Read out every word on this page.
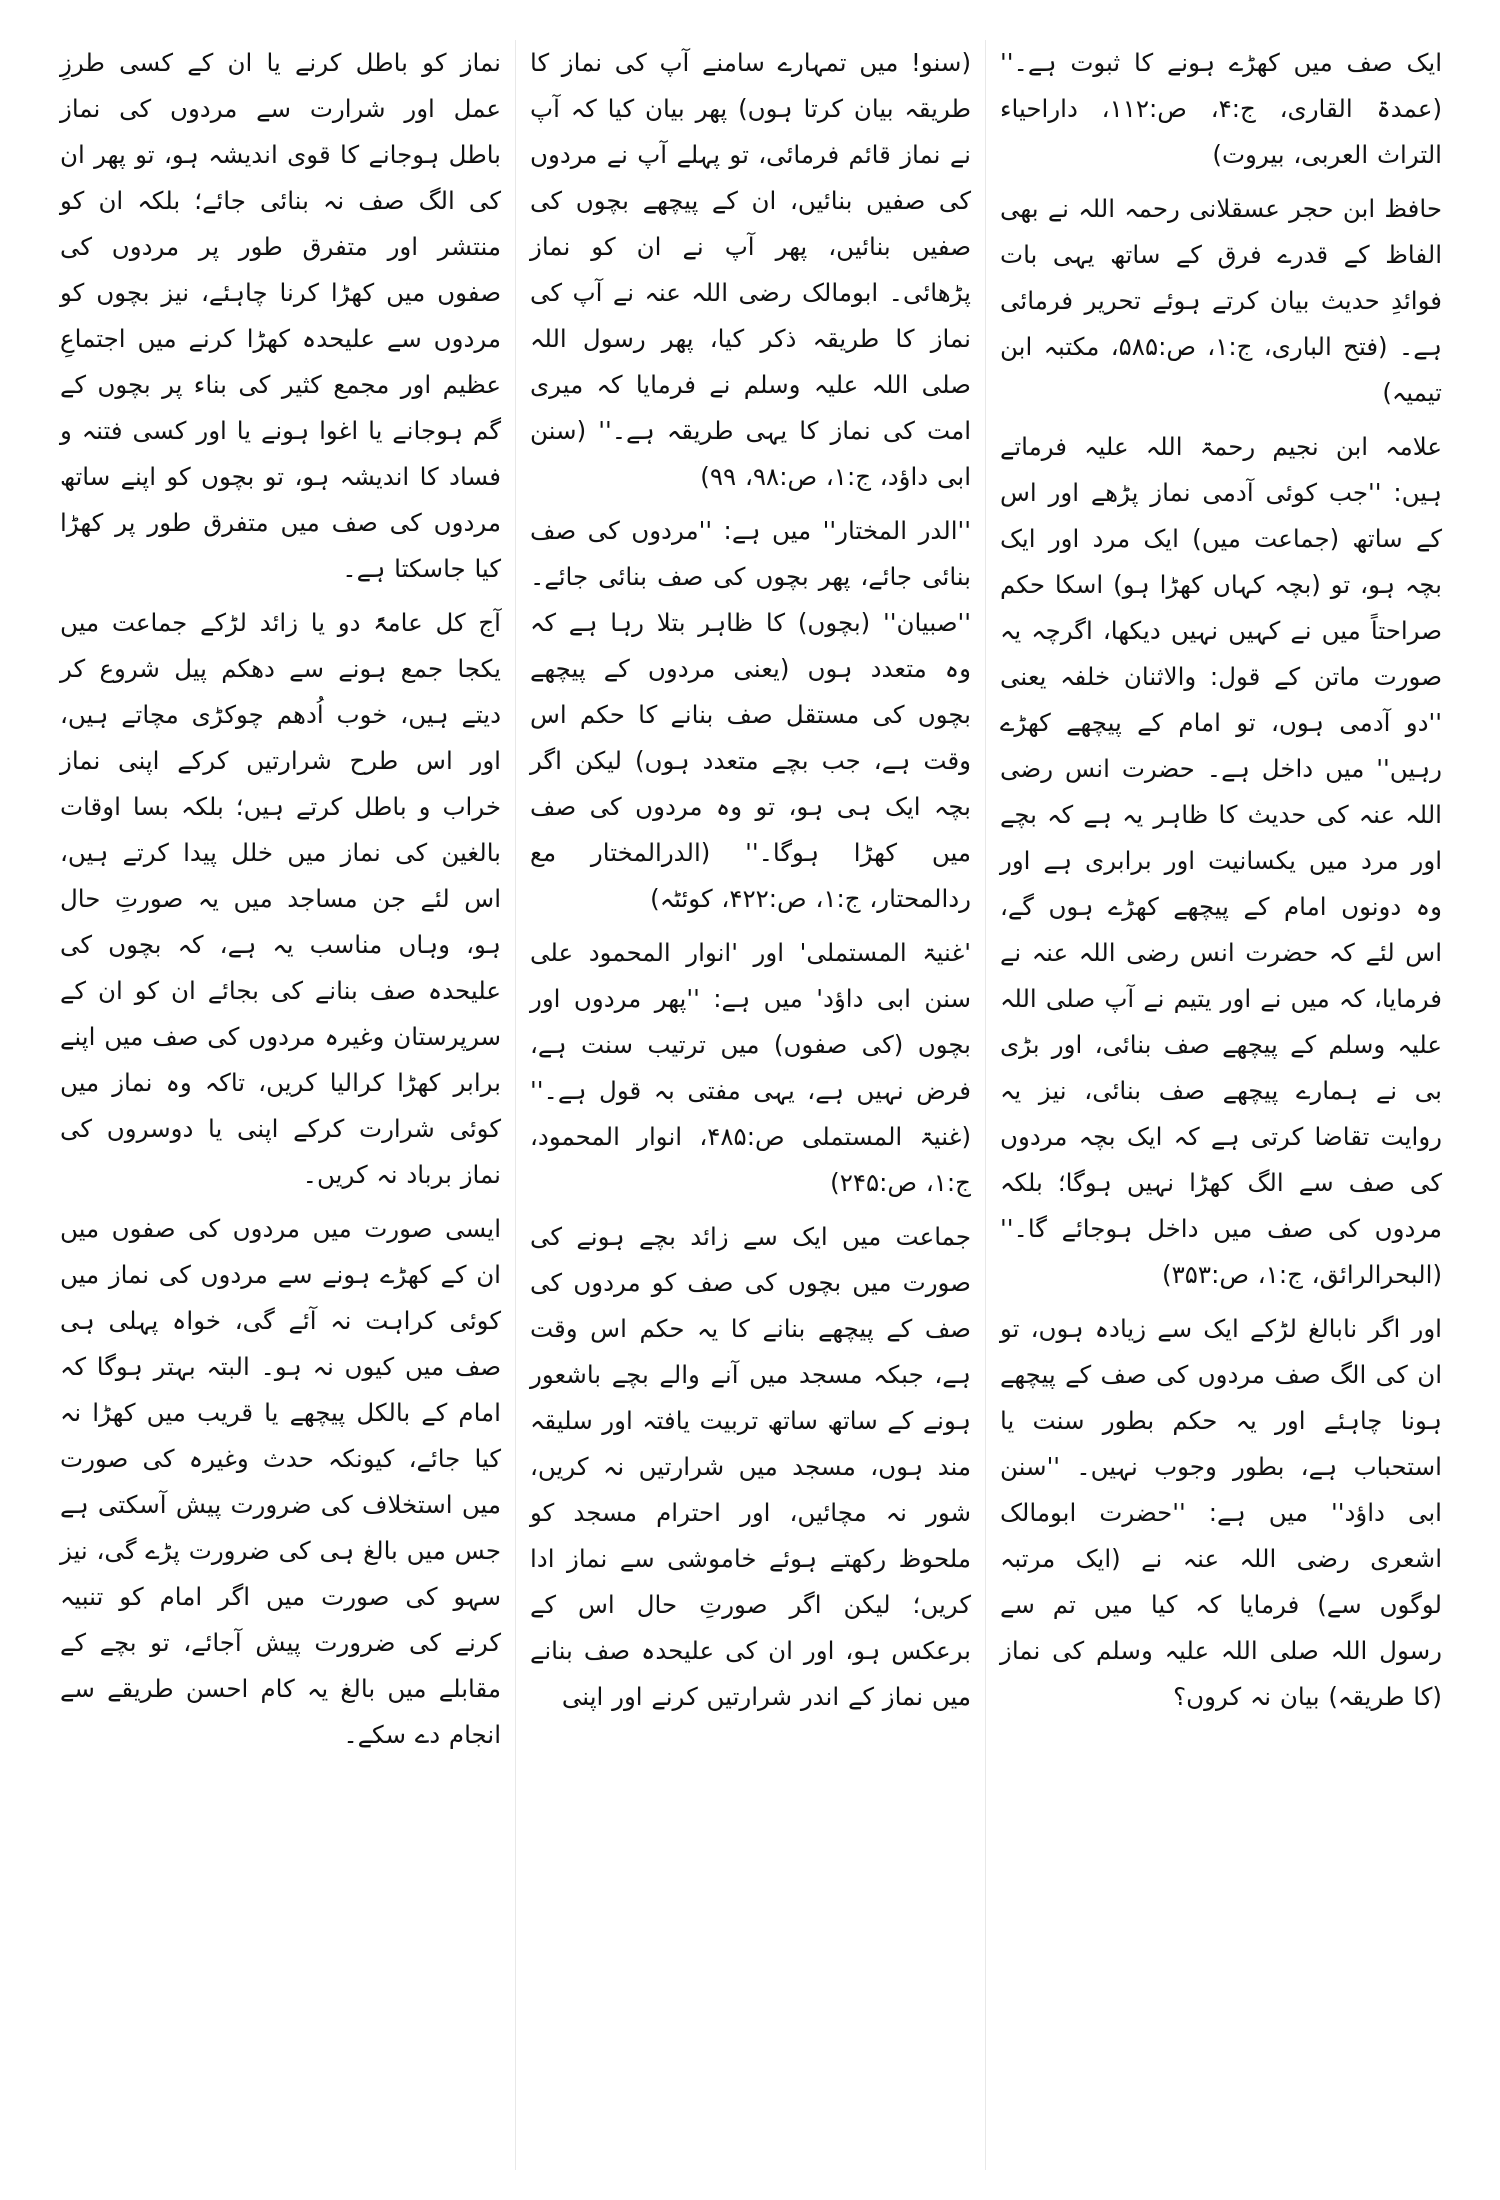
ایک صف میں کھڑے ہونے کا ثبوت ہے۔'' (عمدۃ القاری، ج:۴، ص:۱۱۲، داراحیاء التراث العربی، بیروت)

حافظ ابن حجر عسقلانی رحمہ اللہ نے بھی الفاظ کے قدرے فرق کے ساتھ یہی بات فوائدِ حدیث بیان کرتے ہوئے تحریر فرمائی ہے۔ (فتح الباری، ج:۱، ص:۵۸۵، مکتبہ ابن تیمیہ)

علامہ ابن نجیم رحمۃ اللہ علیہ فرماتے ہیں: ''جب کوئی آدمی نماز پڑھے اور اس کے ساتھ (جماعت میں) ایک مرد اور ایک بچہ ہو، تو (بچہ کہاں کھڑا ہو) اسکا حکم صراحتاً میں نے کہیں نہیں دیکھا، اگرچہ یہ صورت ماتن کے قول: والاثنان خلفہ یعنی ''دو آدمی ہوں، تو امام کے پیچھے کھڑے رہیں'' میں داخل ہے۔ حضرت انس رضی اللہ عنہ کی حدیث کا ظاہر یہ ہے کہ بچے اور مرد میں یکسانیت اور برابری ہے اور وہ دونوں امام کے پیچھے کھڑے ہوں گے، اس لئے کہ حضرت انس رضی اللہ عنہ نے فرمایا، کہ میں نے اور یتیم نے آپ صلی اللہ علیہ وسلم کے پیچھے صف بنائی، اور بڑی بی نے ہمارے پیچھے صف بنائی، نیز یہ روایت تقاضا کرتی ہے کہ ایک بچہ مردوں کی صف سے الگ کھڑا نہیں ہوگا؛ بلکہ مردوں کی صف میں داخل ہوجائے گا۔'' (البحرالرائق، ج:۱، ص:۳۵۳)

اور اگر نابالغ لڑکے ایک سے زیادہ ہوں، تو ان کی الگ صف مردوں کی صف کے پیچھے ہونا چاہئے اور یہ حکم بطور سنت یا استحباب ہے، بطور وجوب نہیں۔ ''سنن ابی داؤد'' میں ہے: ''حضرت ابومالک اشعری رضی اللہ عنہ نے (ایک مرتبہ لوگوں سے) فرمایا کہ کیا میں تم سے رسول اللہ صلی اللہ علیہ وسلم کی نماز (کا طریقہ) بیان نہ کروں؟

(سنو! میں تمہارے سامنے آپ کی نماز کا طریقہ بیان کرتا ہوں) پھر بیان کیا کہ آپ نے نماز قائم فرمائی، تو پہلے آپ نے مردوں کی صفیں بنائیں، ان کے پیچھے بچوں کی صفیں بنائیں، پھر آپ نے ان کو نماز پڑھائی۔ ابومالک رضی اللہ عنہ نے آپ کی نماز کا طریقہ ذکر کیا، پھر رسول اللہ صلی اللہ علیہ وسلم نے فرمایا کہ میری امت کی نماز کا یہی طریقہ ہے۔'' (سنن ابی داؤد، ج:۱، ص:۹۸، ۹۹)

''الدر المختار'' میں ہے: ''مردوں کی صف بنائی جائے، پھر بچوں کی صف بنائی جائے۔ ''صبیان'' (بچوں) کا ظاہر بتلا رہا ہے کہ وہ متعدد ہوں (یعنی مردوں کے پیچھے بچوں کی مستقل صف بنانے کا حکم اس وقت ہے، جب بچے متعدد ہوں) لیکن اگر بچہ ایک ہی ہو، تو وہ مردوں کی صف میں کھڑا ہوگا۔'' (الدرالمختار مع ردالمحتار، ج:۱، ص:۴۲۲، کوئٹہ)

'غنیۃ المستملی' اور 'انوار المحمود علی سنن ابی داؤد' میں ہے: ''پھر مردوں اور بچوں (کی صفوں) میں ترتیب سنت ہے، فرض نہیں ہے، یہی مفتی بہ قول ہے۔'' (غنیۃ المستملی ص:۴۸۵، انوار المحمود، ج:۱، ص:۲۴۵)

جماعت میں ایک سے زائد بچے ہونے کی صورت میں بچوں کی صف کو مردوں کی صف کے پیچھے بنانے کا یہ حکم اس وقت ہے، جبکہ مسجد میں آنے والے بچے باشعور ہونے کے ساتھ ساتھ تربیت یافتہ اور سلیقہ مند ہوں، مسجد میں شرارتیں نہ کریں، شور نہ مچائیں، اور احترام مسجد کو ملحوظ رکھتے ہوئے خاموشی سے نماز ادا کریں؛ لیکن اگر صورتِ حال اس کے برعکس ہو، اور ان کی علیحدہ صف بنانے میں نماز کے اندر شرارتیں کرنے اور اپنی

نماز کو باطل کرنے یا ان کے کسی طرزِ عمل اور شرارت سے مردوں کی نماز باطل ہوجانے کا قوی اندیشہ ہو، تو پھر ان کی الگ صف نہ بنائی جائے؛ بلکہ ان کو منتشر اور متفرق طور پر مردوں کی صفوں میں کھڑا کرنا چاہئے، نیز بچوں کو مردوں سے علیحدہ کھڑا کرنے میں اجتماعِ عظیم اور مجمع کثیر کی بناء پر بچوں کے گم ہوجانے یا اغوا ہونے یا اور کسی فتنہ و فساد کا اندیشہ ہو، تو بچوں کو اپنے ساتھ مردوں کی صف میں متفرق طور پر کھڑا کیا جاسکتا ہے۔

آج کل عامۃً دو یا زائد لڑکے جماعت میں یکجا جمع ہونے سے دھکم پیل شروع کر دیتے ہیں، خوب اُدھم چوکڑی مچاتے ہیں، اور اس طرح شرارتیں کرکے اپنی نماز خراب و باطل کرتے ہیں؛ بلکہ بسا اوقات بالغین کی نماز میں خلل پیدا کرتے ہیں، اس لئے جن مساجد میں یہ صورتِ حال ہو، وہاں مناسب یہ ہے، کہ بچوں کی علیحدہ صف بنانے کی بجائے ان کو ان کے سرپرستان وغیرہ مردوں کی صف میں اپنے برابر کھڑا کرالیا کریں، تاکہ وہ نماز میں کوئی شرارت کرکے اپنی یا دوسروں کی نماز برباد نہ کریں۔

ایسی صورت میں مردوں کی صفوں میں ان کے کھڑے ہونے سے مردوں کی نماز میں کوئی کراہت نہ آئے گی، خواہ پہلی ہی صف میں کیوں نہ ہو۔ البتہ بہتر ہوگا کہ امام کے بالکل پیچھے یا قریب میں کھڑا نہ کیا جائے، کیونکہ حدث وغیرہ کی صورت میں استخلاف کی ضرورت پیش آسکتی ہے جس میں بالغ ہی کی ضرورت پڑے گی، نیز سہو کی صورت میں اگر امام کو تنبیہ کرنے کی ضرورت پیش آجائے، تو بچے کے مقابلے میں بالغ یہ کام احسن طریقے سے انجام دے سکے۔
